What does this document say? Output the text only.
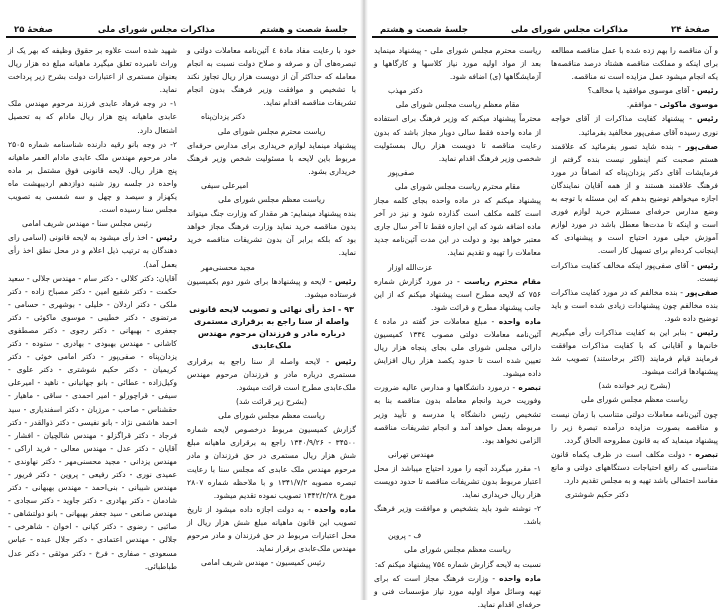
جلسهٔ شصت و هشتم
مذاکرات مجلس شورای ملی
صفحهٔ ۲۵

خود با رعایت مفاد مادهٔ ٤ آئین‌نامه معاملات دولتی و تبصره‌های آن و صرفه و صلاح دولت نسبت به انجام معامله که حداکثر آن از دویست هزار ریال تجاوز نکند با تشخیص و موافقت وزیر فرهنگ بدون انجام تشریفات مناقصه اقدام نماید.

دکتر یزدان‌پناه

ریاست محترم مجلس شورای ملی

پیشنهاد مینماید لوازم خریداری برای مدارس حرفه‌ای مربوط باین لایحه با مسئولیت شخص وزیر فرهنگ خریداری بشود.

امیرعلی سیفی

ریاست معظم مجلس شورای ملی

بنده پیشنهاد مینمایم: هر مقدار که وزارت جنگ میتواند بدون مناقصه خرید نماید وزارت فرهنگ مجاز خواهد بود که بلکه برابر آن بدون تشریفات مناقصه خرید نماید.

مجید محسنی‌مهر

رئیس - لایحه و پیشنهادها برای شور دوم بکمیسیون فرستاده میشود.

۹۳ - اخذ رأی نهائی و تصویب لایحه قانونی واصله از سنا راجع به برقراری مستمری درباره مادر و فرزندان مرحوم مهندس ملک‌عابدی

رئیس - لایحه واصله از سنا راجع به برقراری مستمری درباره مادر و فرزندان مرحوم مهندس ملک‌عابدی مطرح است قرائت میشود.

(بشرح زیر قرائت شد)

ریاست معظم مجلس شورای ملی

گزارش کمیسیون مربوط درخصوص لایحه شماره ۳۴۵۰۰ - ۱۳۴۰/۹/۲۶ راجع به برقراری ماهیانه مبلغ شش هزار ریال مستمری در حق فرزندان و مادر مرحوم مهندس ملک عابدی که مجلس سنا با رعایت تبصره مصوبه ۱۳۴۱/۷/۲ و با ملاحظه شماره ۲۸۰۷ مورخ ۱۳۴۲/۲/۲۸ تصویب نموده تقدیم میشود.

ماده واحده - به دولت اجازه داده میشود از تاریخ تصویب این قانون ماهیانه مبلغ شش هزار ریال از محل اعتبارات مربوط در حق فرزندان و مادر مرحوم مهندس ملک‌عابدی برقرار نماید.

رئیس کمیسیون - مهندس شریف امامی

شهید شده است علاوه بر حقوق وظیفه که بهر یک از وراث نامبرده تعلق میگیرد ماهیانه مبلغ ده هزار ریال بعنوان مستمری از اعتبارات دولت بشرح زیر پرداخت نماید.

۱- در وجه فرهاد عابدی فرزند مرحوم مهندس ملک عابدی ماهیانه پنج هزار ریال مادام که به تحصیل اشتغال دارد.

۲- در وجه بانو رقیه دارنده شناسنامه شماره ۲۵۰۵ مادر مرحوم مهندس ملک عابدی مادام العمر ماهیانه پنج هزار ریال. لایحه قانونی فوق مشتمل بر ماده واحده در جلسه روز شنبه دوازدهم اردیبهشت ماه یکهزار و سیصد و چهل و سه شمسی به تصویب مجلس سنا رسیده است.

رئیس مجلس سنا - مهندس شریف امامی

رئیس - اخذ رأی میشود به لایحه قانونی (اسامی رای دهندگان به ترتیب ذیل اعلام و در محل نطق اخذ رأی بعمل آمد).

آقایان: دکتر کلالی - دکتر سام - مهندس جلالی - سعید حکمت - دکتر شفیع امین - دکتر مصباح زاده - دکتر ملکی - دکتر اردلان - خلیلی - بوشهری - حسامی - مرتضوی - دکتر خطیبی - موسوی ماکوئی - دکتر جعفری - بهبهانی - دکتر رجوی - دکتر مصطفوی کاشانی - مهندس بهبودی - بهادری - ستوده - دکتر یزدان‌پناه - صفی‌پور - دکتر امامی خوئی - دکتر کریمیان - دکتر حکیم شوشتری - دکتر علوی - وکیل‌زاده - عطائی - بانو جهانبانی - ناهید - امیرعلی سیفی - قراچورلو - امیر احمدی - ساقی - ماهیار - حقشناس - صاحب - مرزبان - دکتر اسفندیاری - سید احمد هاشمی نژاد - بانو نفیسی - دکتر ذوالقدر - دکتر فرجاد - دکتر قراگزلو - مهندس شالچیان - افشار - آقایان - دکتر عدل - مهندس معالی - فرید اراکی - مهندس یزدانی - مجید محسنی‌مهر - دکتر نهاوندی - عمیدی نوری - دکتر رفیعی - پروین - دکتر فریور - مهندس شیبانی - بنی‌احمد - مهندس بهبهانی - دکتر شادمان - دکتر بهادری - دکتر جاوید - دکتر سجادی - مهندس صانعی - سید جعفر بهبهانی - بانو دولتشاهی - صائبی - رضوی - دکتر کیانی - اخوان - شاهرخی - جلالی - مهندس اعتمادی - دکتر جلال عبده - عباس مسعودی - صفاری - فرخ - دکتر موثقی - دکتر عدل طباطبائی.

صفحهٔ ۲۴
مذاکرات مجلس شورای ملی
جلسهٔ شصت و هشتم

و آن مناقصه را بهم زده شده با عمل مناقصه مطالعه برای اینکه و مملکت مناقصه هشتاد درصد مناقصه‌ها یکه انجام میشود عمل مزایده است نه مناقصه.

رئیس - آقای موسوی موافقید یا مخالف؟

موسوی ماکوئی - موافقم.

رئیس - پیشنهاد کفایت مذاکرات از آقای خواجه نوری رسیده آقای صفی‌پور مخالفید بفرمائید.

صفی‌پور - بنده شاید تصور بفرمائید که علاقمند هستم صحبت کنم اینطور نیست بنده گرفتم از فرمایشات آقای دکتر یزدان‌پناه که انصافاً در مورد فرهنگ علاقمند هستند و از همه آقایان نمایندگان اجازه میخواهم توضیح بدهم که این مسئله با توجه به وضع مدارس حرفه‌ای مستلزم خرید لوازم فوری است و اینکه تا مدت‌ها معطل باشد در مورد لوازم آموزش خیلی مورد احتیاج است و پیشنهادی که اینجانب کرده‌ام برای تسهیل کار است.

رئیس - آقای صفی‌پور اینکه مخالف کفایت مذاکرات نیست.

صفی‌پور - بنده مخالفم که در مورد کفایت مذاکرات بنده مخالفم چون پیشنهادات زیادی شده است و باید توضیح داده شود.

رئیس - بنابر این به کفایت مذاکرات رأی میگیریم خانم‌ها و آقایانی که با کفایت مذاکرات موافقت فرمایند قیام فرمایند (اکثر برخاستند) تصویب شد پیشنهادها قرائت میشود.

(بشرح زیر خوانده شد)

ریاست معظم مجلس شورای ملی

چون آئین‌نامه معاملات دولتی متناسب با زمان نیست و مناقصه بصورت مزایده درآمده تبصرهٔ زیر را پیشنهاد مینماید که به قانون مطروحه الحاق گردد.

تبصره - دولت مکلف است در ظرف یکماه قانون متناسبی که رافع احتیاجات دستگاههای دولتی و مانع مفاسد احتمالی باشد تهیه و به مجلس تقدیم دارد.

دکتر حکیم شوشتری

ریاست محترم مجلس شورای ملی - پیشنهاد مینماید بعد از مواد اولیه مورد نیاز کلاسها و کارگاهها و آزمایشگاهها (ی) اضافه شود.

دکتر مهذب

مقام معظم ریاست مجلس شورای ملی

محترماً پیشنهاد میکنم که وزیر فرهنگ برای استفاده از ماده واحده فقط سالی دوبار مجاز باشد که بدون رعایت مناقصه تا دویست هزار ریال بمسئولیت شخصی وزیر فرهنگ اقدام نماید.

صفی‌پور

مقام محترم ریاست مجلس شورای ملی

پیشنهاد میکنم که در ماده واحده بجای کلمه مجاز است کلمه مکلف است گذارده شود و نیز در آخر ماده اضافه شود که این اجازه فقط تا آخر سال جاری معتبر خواهد بود و دولت در این مدت آئین‌نامه جدید معاملات را تهیه و تقدیم نماید.

عزت‌الله اوزار

مقام محترم ریاست - در مورد گزارش شماره ۷۵۶ که لایحه مطرح است پیشنهاد میکنم که از این جانب پیشنهاد مطرح و قرائت شود.

ماده واحده - مبلغ معاملات حز گفته در ماده ٤ آئین‌نامه معاملات دولتی مصوب ۱۳۳٤ کمیسیون دارائی مجلس شورای ملی بجای پنجاه هزار ریال تعیین شده است تا حدود یکصد هزار ریال افزایش داده میشود.

تبصره - درمورد دانشگاهها و مدارس عالیه ضرورت وفوریت خرید وانجام معامله بدون مناقصه بنا به تشخیص رئیس دانشگاه یا مدرسه و تأیید وزیر مربوطه بعمل خواهد آمد و انجام تشریفات مناقصه الزامی نخواهد بود.

مهندس تهرانی

۱- مقرر میگردد آنچه را مورد احتیاج میباشد از محل اعتبار مربوط بدون تشریفات مناقصه تا حدود دویست هزار ریال خریداری نماید.

۲- نوشته شود باید بتشخیص و موافقت وزیر فرهنگ باشد.

ف - پروین

ریاست معظم مجلس شورای ملی

نسبت به لایحه گزارش شماره ۷۵٤ پیشنهاد میکنم که:

ماده واحده - وزارت فرهنگ مجاز است که برای تهیه وسائل مواد اولیه مورد نیاز مؤسسات فنی و حرفه‌ای اقدام نماید.
